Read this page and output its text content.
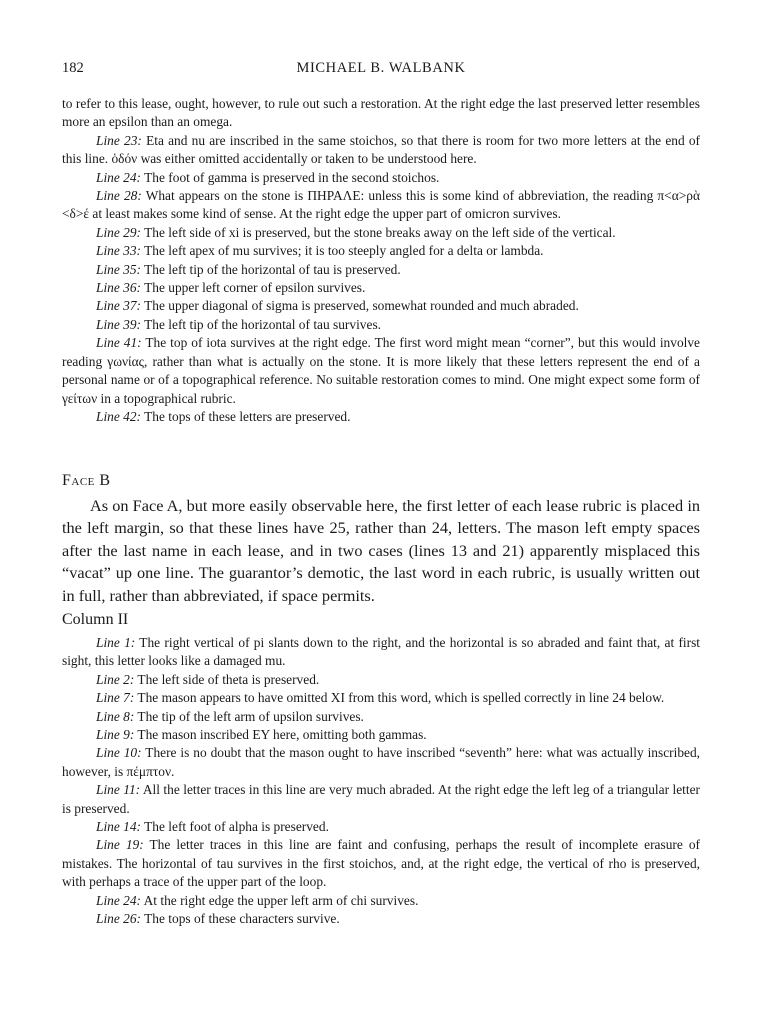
182	MICHAEL B. WALBANK

to refer to this lease, ought, however, to rule out such a restoration. At the right edge the last preserved letter resembles more an epsilon than an omega.

Line 23: Eta and nu are inscribed in the same stoichos, so that there is room for two more letters at the end of this line. ὁδόν was either omitted accidentally or taken to be understood here.

Line 24: The foot of gamma is preserved in the second stoichos.

Line 28: What appears on the stone is ΠΗΡΑΛΕ: unless this is some kind of abbreviation, the reading π<α>ρὰ <δ>έ at least makes some kind of sense. At the right edge the upper part of omicron survives.

Line 29: The left side of xi is preserved, but the stone breaks away on the left side of the vertical.

Line 33: The left apex of mu survives; it is too steeply angled for a delta or lambda.

Line 35: The left tip of the horizontal of tau is preserved.

Line 36: The upper left corner of epsilon survives.

Line 37: The upper diagonal of sigma is preserved, somewhat rounded and much abraded.

Line 39: The left tip of the horizontal of tau survives.

Line 41: The top of iota survives at the right edge. The first word might mean “corner”, but this would involve reading γωνίας, rather than what is actually on the stone. It is more likely that these letters represent the end of a personal name or of a topographical reference. No suitable restoration comes to mind. One might expect some form of γείτων in a topographical rubric.

Line 42: The tops of these letters are preserved.

Face B

As on Face A, but more easily observable here, the first letter of each lease rubric is placed in the left margin, so that these lines have 25, rather than 24, letters. The mason left empty spaces after the last name in each lease, and in two cases (lines 13 and 21) apparently misplaced this “vacat” up one line. The guarantor’s demotic, the last word in each rubric, is usually written out in full, rather than abbreviated, if space permits.

Column II

Line 1: The right vertical of pi slants down to the right, and the horizontal is so abraded and faint that, at first sight, this letter looks like a damaged mu.

Line 2: The left side of theta is preserved.

Line 7: The mason appears to have omitted XI from this word, which is spelled correctly in line 24 below.

Line 8: The tip of the left arm of upsilon survives.

Line 9: The mason inscribed EY here, omitting both gammas.

Line 10: There is no doubt that the mason ought to have inscribed “seventh” here: what was actually inscribed, however, is πέμπτον.

Line 11: All the letter traces in this line are very much abraded. At the right edge the left leg of a triangular letter is preserved.

Line 14: The left foot of alpha is preserved.

Line 19: The letter traces in this line are faint and confusing, perhaps the result of incomplete erasure of mistakes. The horizontal of tau survives in the first stoichos, and, at the right edge, the vertical of rho is preserved, with perhaps a trace of the upper part of the loop.

Line 24: At the right edge the upper left arm of chi survives.

Line 26: The tops of these characters survive.
